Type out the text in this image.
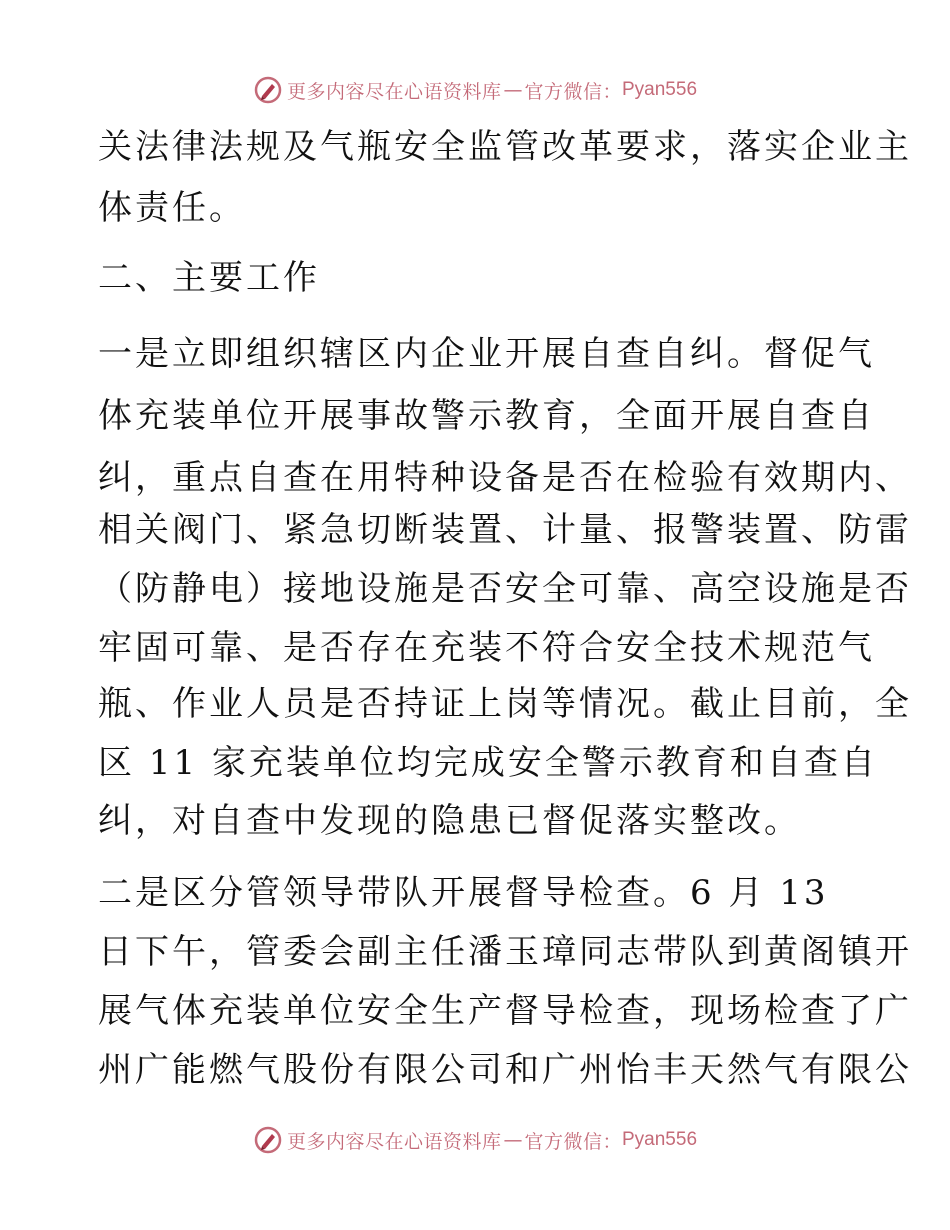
更多内容尽在心语资料库 — 官方微信： Pyan556
关法律法规及气瓶安全监管改革要求，落实企业主
体责任。
二、主要工作
一是立即组织辖区内企业开展自查自纠。督促气
体充装单位开展事故警示教育，全面开展自查自
纠，重点自查在用特种设备是否在检验有效期内、
相关阀门、紧急切断装置、计量、报警装置、防雷
（防静电）接地设施是否安全可靠、高空设施是否
牢固可靠、是否存在充装不符合安全技术规范气
瓶、作业人员是否持证上岗等情况。截止目前，全
区 11 家充装单位均完成安全警示教育和自查自
纠，对自查中发现的隐患已督促落实整改。
二是区分管领导带队开展督导检查。6 月 13
日下午，管委会副主任潘玉璋同志带队到黄阁镇开
展气体充装单位安全生产督导检查，现场检查了广
州广能燃气股份有限公司和广州怡丰天然气有限公
更多内容尽在心语资料库 — 官方微信： Pyan556
